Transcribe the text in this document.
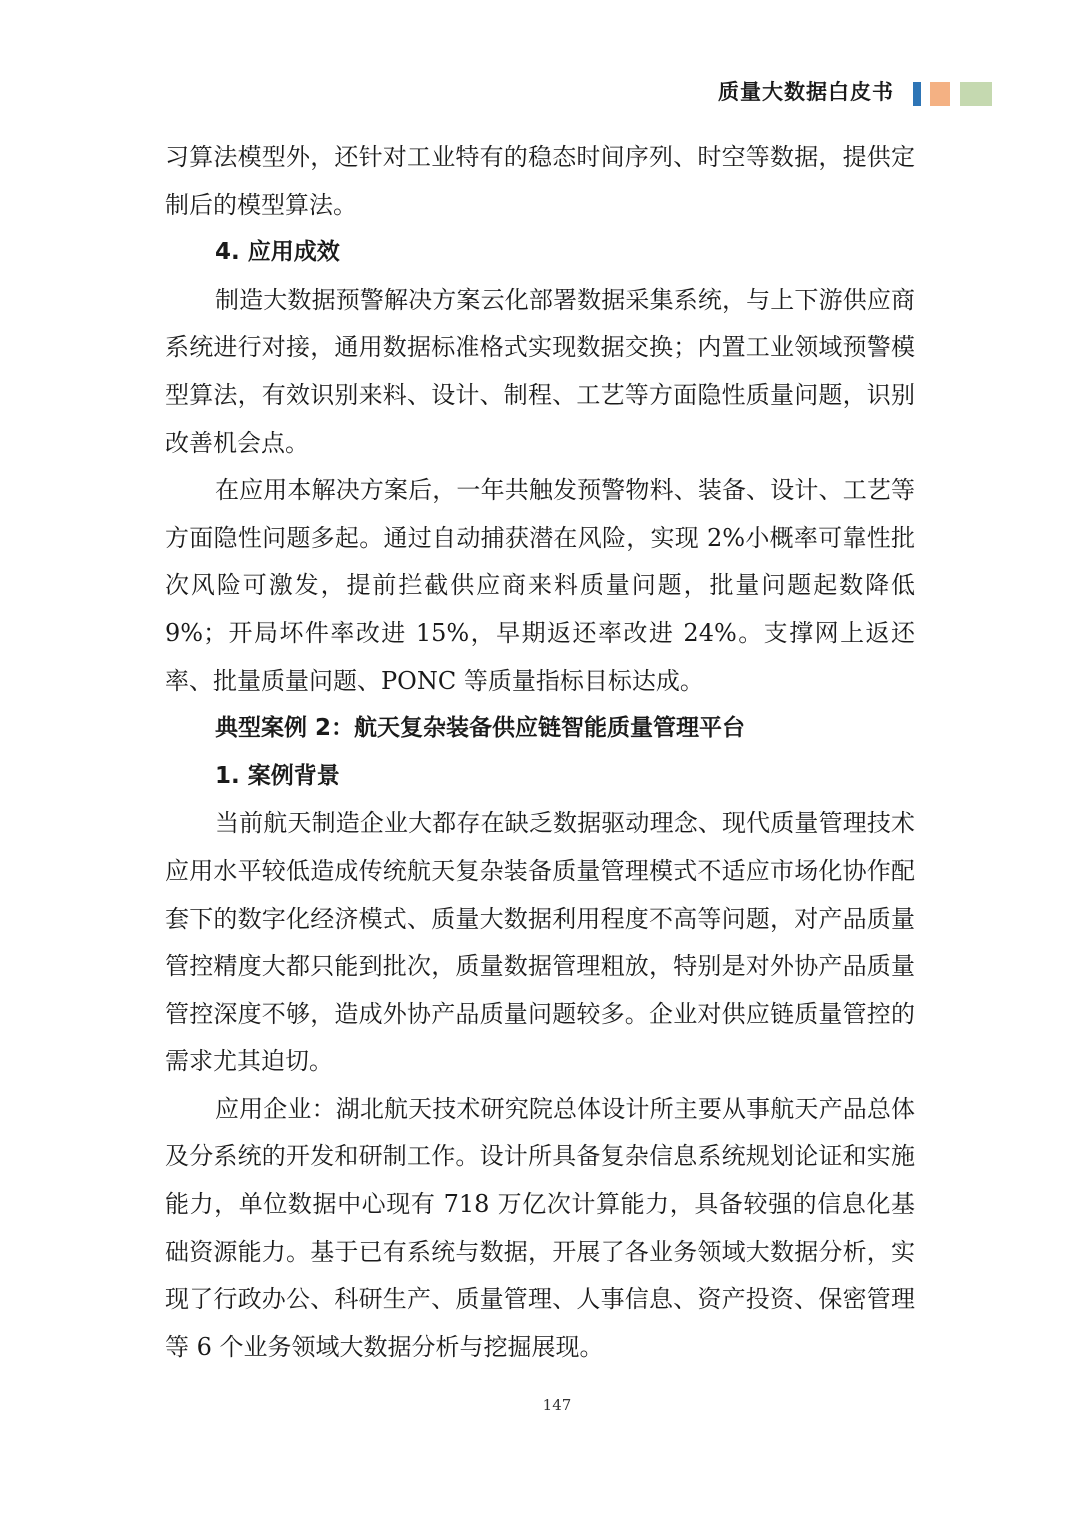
质量大数据白皮书

习算法模型外，还针对工业特有的稳态时间序列、时空等数据，提供定制后的模型算法。

4. 应用成效

制造大数据预警解决方案云化部署数据采集系统，与上下游供应商系统进行对接，通用数据标准格式实现数据交换；内置工业领域预警模型算法，有效识别来料、设计、制程、工艺等方面隐性质量问题，识别改善机会点。

在应用本解决方案后，一年共触发预警物料、装备、设计、工艺等方面隐性问题多起。通过自动捕获潜在风险，实现 2%小概率可靠性批次风险可激发，提前拦截供应商来料质量问题，批量问题起数降低 9%；开局坏件率改进 15%，早期返还率改进 24%。支撑网上返还率、批量质量问题、PONC 等质量指标目标达成。

典型案例 2：航天复杂装备供应链智能质量管理平台

1. 案例背景

当前航天制造企业大都存在缺乏数据驱动理念、现代质量管理技术应用水平较低造成传统航天复杂装备质量管理模式不适应市场化协作配套下的数字化经济模式、质量大数据利用程度不高等问题，对产品质量管控精度大都只能到批次，质量数据管理粗放，特别是对外协产品质量管控深度不够，造成外协产品质量问题较多。企业对供应链质量管控的需求尤其迫切。

应用企业：湖北航天技术研究院总体设计所主要从事航天产品总体及分系统的开发和研制工作。设计所具备复杂信息系统规划论证和实施能力，单位数据中心现有 718 万亿次计算能力，具备较强的信息化基础资源能力。基于已有系统与数据，开展了各业务领域大数据分析，实现了行政办公、科研生产、质量管理、人事信息、资产投资、保密管理等 6 个业务领域大数据分析与挖掘展现。

147
